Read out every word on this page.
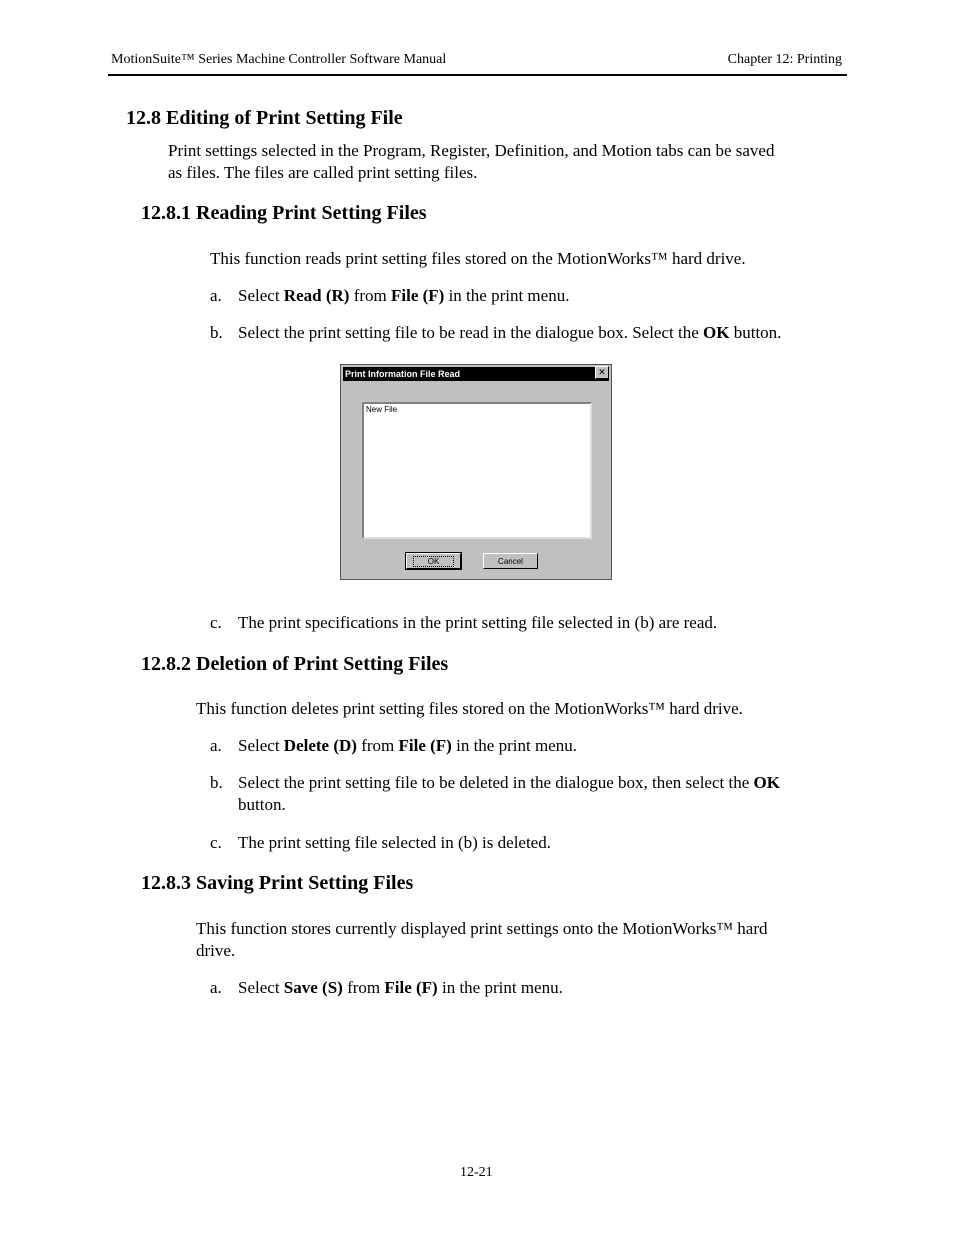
MotionSuite™ Series Machine Controller Software Manual	Chapter 12: Printing
12.8 Editing of Print Setting File
Print settings selected in the Program, Register, Definition, and Motion tabs can be saved
as files. The files are called print setting files.
12.8.1 Reading Print Setting Files
This function reads print setting files stored on the MotionWorks™ hard drive.
a. Select Read (R) from File (F) in the print menu.
b. Select the print setting file to be read in the dialogue box. Select the OK button.
Print Information File Read	✕
New File
OK	Cancel
c. The print specifications in the print setting file selected in (b) are read.
12.8.2 Deletion of Print Setting Files
This function deletes print setting files stored on the MotionWorks™ hard drive.
a. Select Delete (D) from File (F) in the print menu.
b. Select the print setting file to be deleted in the dialogue box, then select the OK
button.
c. The print setting file selected in (b) is deleted.
12.8.3 Saving Print Setting Files
This function stores currently displayed print settings onto the MotionWorks™ hard
drive.
a. Select Save (S) from File (F) in the print menu.
12-21
